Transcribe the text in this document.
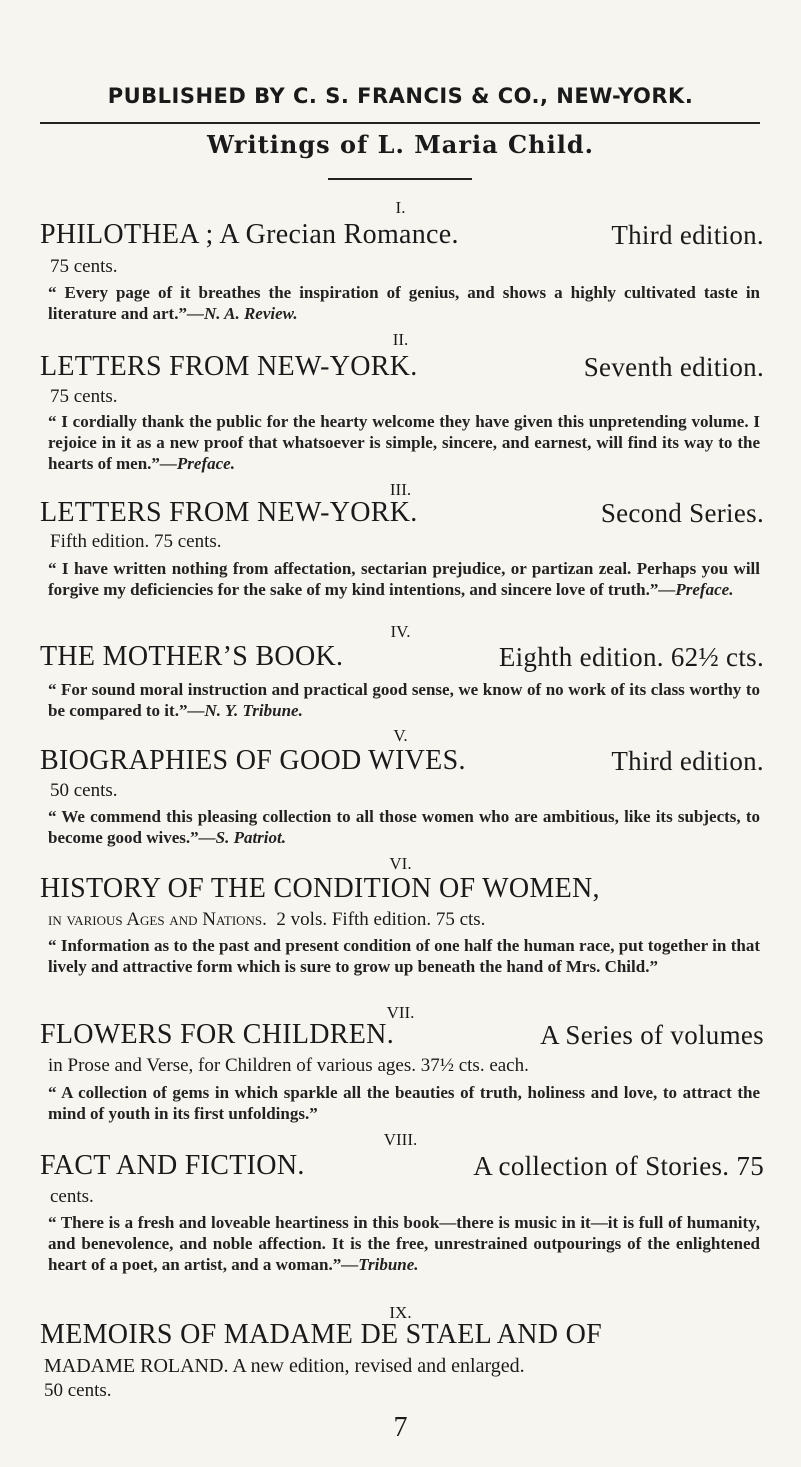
PUBLISHED BY C. S. FRANCIS & CO., NEW-YORK.
Writings of L. Maria Child.
I.
PHILOTHEA ; A Grecian Romance.	Third edition.
75 cents.
“ Every page of it breathes the inspiration of genius, and shows a highly cultivated taste in literature and art.”—N. A. Review.
II.
LETTERS FROM NEW-YORK.	Seventh edition.
75 cents.
“ I cordially thank the public for the hearty welcome they have given this unpretending volume. I rejoice in it as a new proof that whatsoever is simple, sincere, and earnest, will find its way to the hearts of men.”—Preface.
III.
LETTERS FROM NEW-YORK.	Second Series.
Fifth edition. 75 cents.
“ I have written nothing from affectation, sectarian prejudice, or partizan zeal. Perhaps you will forgive my deficiencies for the sake of my kind intentions, and sincere love of truth.”—Preface.
IV.
THE MOTHER’S BOOK.	Eighth edition. 62½ cts.
“ For sound moral instruction and practical good sense, we know of no work of its class worthy to be compared to it.”—N. Y. Tribune.
V.
BIOGRAPHIES OF GOOD WIVES.	Third edition.
50 cents.
“ We commend this pleasing collection to all those women who are ambitious, like its subjects, to become good wives.”—S. Patriot.
VI.
HISTORY OF THE CONDITION OF WOMEN,
in various Ages and Nations. 2 vols. Fifth edition. 75 cts.
“ Information as to the past and present condition of one half the human race, put together in that lively and attractive form which is sure to grow up beneath the hand of Mrs. Child.”
VII.
FLOWERS FOR CHILDREN.	A Series of volumes
in Prose and Verse, for Children of various ages. 37½ cts. each.
“ A collection of gems in which sparkle all the beauties of truth, holiness and love, to attract the mind of youth in its first unfoldings.”
VIII.
FACT AND FICTION.	A collection of Stories. 75
cents.
“ There is a fresh and loveable heartiness in this book—there is music in it—it is full of humanity, and benevolence, and noble affection. It is the free, unrestrained outpourings of the enlightened heart of a poet, an artist, and a woman.”—Tribune.
IX.
MEMOIRS OF MADAME DE STAEL AND OF
MADAME ROLAND. A new edition, revised and enlarged.
50 cents.
7
